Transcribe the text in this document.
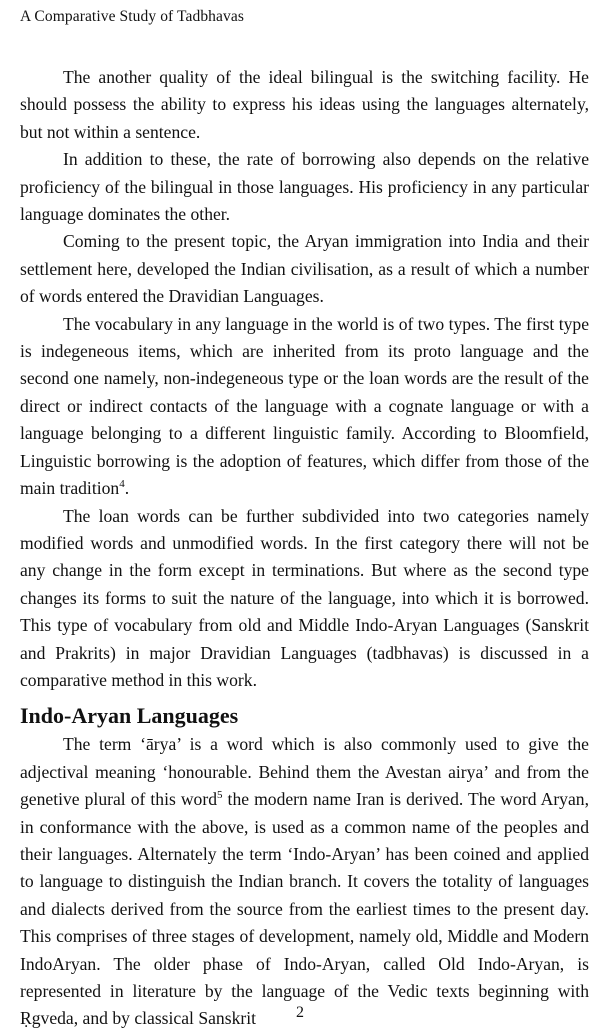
A Comparative Study of Tadbhavas

The another quality of the ideal bilingual is the switching facility. He should possess the ability to express his ideas using the languages alternately, but not within a sentence.

In addition to these, the rate of borrowing also depends on the relative proficiency of the bilingual in those languages. His proficiency in any particular language dominates the other.

Coming to the present topic, the Aryan immigration into India and their settlement here, developed the Indian civilisation, as a result of which a number of words entered the Dravidian Languages.

The vocabulary in any language in the world is of two types. The first type is indegeneous items, which are inherited from its proto language and the second one namely, non-indegeneous type or the loan words are the result of the direct or indirect contacts of the language with a cognate language or with a language belonging to a different linguistic family. According to Bloomfield, Linguistic borrowing is the adoption of features, which differ from those of the main tradition$^4$.

The loan words can be further subdivided into two categories namely modified words and unmodified words. In the first category there will not be any change in the form except in terminations. But where as the second type changes its forms to suit the nature of the language, into which it is borrowed. This type of vocabulary from old and Middle Indo-Aryan Languages (Sanskrit and Prakrits) in major Dravidian Languages (tadbhavas) is discussed in a comparative method in this work.

Indo-Aryan Languages

The term ‘ārya’ is a word which is also commonly used to give the adjectival meaning ‘honourable. Behind them the Avestan airya’ and from the genetive plural of this word$^5$ the modern name Iran is derived. The word Aryan, in conformance with the above, is used as a common name of the peoples and their languages. Alternately the term ‘Indo-Aryan’ has been coined and applied to language to distinguish the Indian branch. It covers the totality of languages and dialects derived from the source from the earliest times to the present day. This comprises of three stages of development, namely old, Middle and Modern IndoAryan. The older phase of Indo-Aryan, called Old Indo-Aryan, is represented in literature by the language of the Vedic texts beginning with Ṛgveda, and by classical Sanskrit	2
